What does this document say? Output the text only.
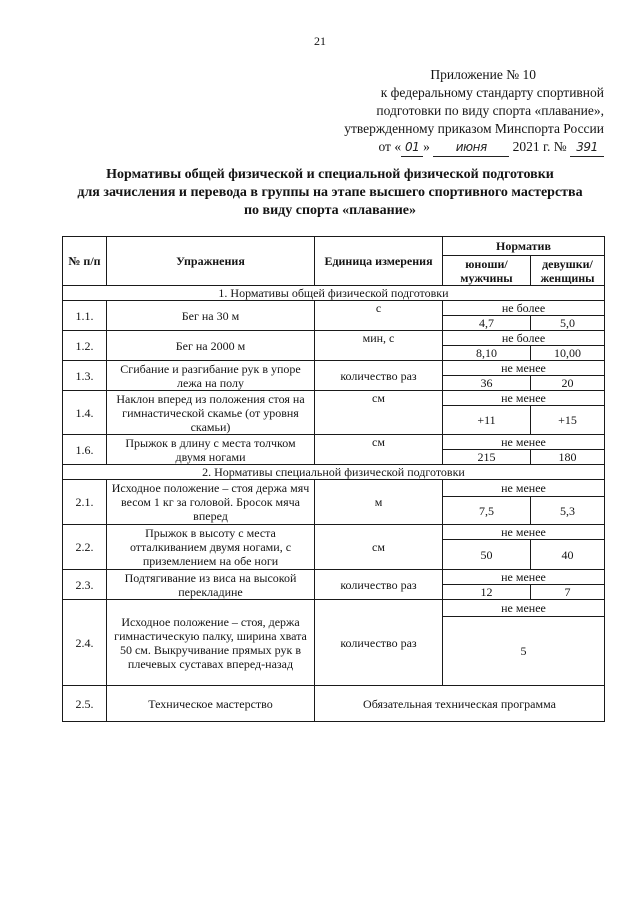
21
Приложение № 10
к федеральному стандарту спортивной
подготовки по виду спорта «плавание»,
утвержденному приказом Минспорта России
от « 01 » июня 2021 г. № 391
Нормативы общей физической и специальной физической подготовки
для зачисления и перевода в группы на этапе высшего спортивного мастерства
по виду спорта «плавание»
№ п/п	Упражнения	Единица измерения	Норматив	
			юноши/ мужчины	девушки/ женщины
1. Нормативы общей физической подготовки				
1.1.	Бег на 30 м	с	не более	
			4,7	5,0
1.2.	Бег на 2000 м	мин, с	не более	
			8,10	10,00
1.3.	Сгибание и разгибание рук в упоре лежа на полу	количество раз	не менее	
			36	20
1.4.	Наклон вперед из положения стоя на гимнастической скамье (от уровня скамьи)	см	не менее	
			+11	+15
1.6.	Прыжок в длину с места толчком двумя ногами	см	не менее	
			215	180
2. Нормативы специальной физической подготовки				
2.1.	Исходное положение – стоя держа мяч весом 1 кг за головой. Бросок мяча вперед	м	не менее	
			7,5	5,3
2.2.	Прыжок в высоту с места отталкиванием двумя ногами, с приземлением на обе ноги	см	не менее	
			50	40
2.3.	Подтягивание из виса на высокой перекладине	количество раз	не менее	
			12	7
2.4.	Исходное положение – стоя, держа гимнастическую палку, ширина хвата 50 см. Выкручивание прямых рук в плечевых суставах вперед-назад	количество раз	не менее	
			5	
2.5.	Техническое мастерство	Обязательная техническая программа		
